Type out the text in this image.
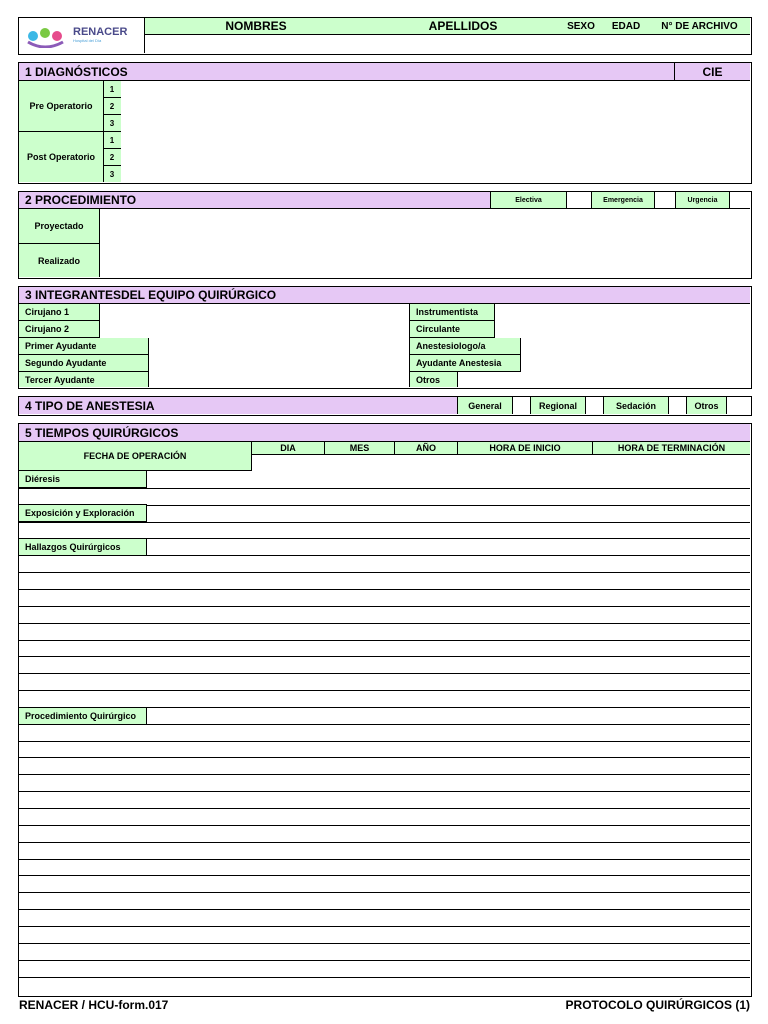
RENACER
Hospital del Día
NOMBRES	APELLIDOS	SEXO	EDAD	N° DE ARCHIVO
1 DIAGNÓSTICOS	CIE
Pre Operatorio
Post Operatorio
1
2
3
1
2
3
2 PROCEDIMIENTO	Electiva	Emergencia	Urgencia
Proyectado
Realizado
3 INTEGRANTESDEL EQUIPO QUIRÚRGICO
Cirujano 1
Cirujano 2
Primer Ayudante
Segundo Ayudante
Tercer Ayudante
Instrumentista
Circulante
Anestesiologo/a
Ayudante Anestesia
Otros
4 TIPO DE ANESTESIA	General	Regional	Sedación	Otros
5 TIEMPOS QUIRÚRGICOS
FECHA DE OPERACIÓN
DIA	MES	AÑO	HORA DE INICIO	HORA DE TERMINACIÓN
Diéresis
Exposición y Exploración
Hallazgos Quirúrgicos
Procedimiento Quirúrgico
RENACER / HCU-form.017	PROTOCOLO QUIRÚRGICOS (1)
